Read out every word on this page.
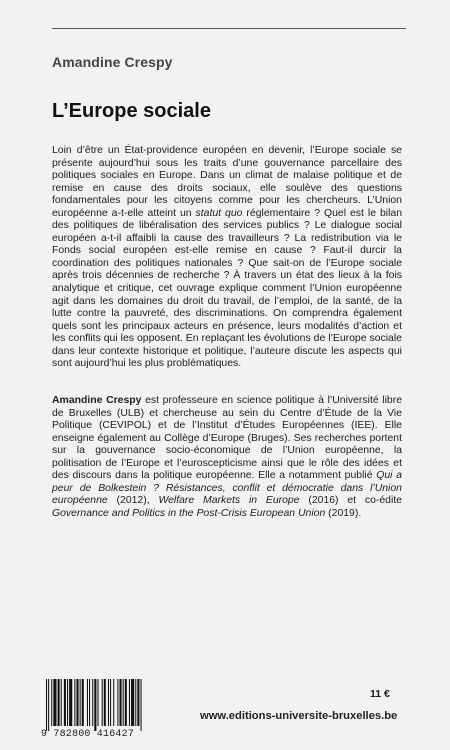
Amandine Crespy
L’Europe sociale
Loin d’être un État-providence européen en devenir, l’Europe sociale se présente aujourd’hui sous les traits d’une gouvernance parcellaire des politiques sociales en Europe. Dans un climat de malaise politique et de remise en cause des droits sociaux, elle soulève des questions fondamentales pour les citoyens comme pour les chercheurs. L’Union européenne a-t-elle atteint un statut quo réglementaire ? Quel est le bilan des politiques de libéralisation des services publics ? Le dialogue social européen a-t-il affaibli la cause des travailleurs ? La redistribution via le Fonds social européen est-elle remise en cause ? Faut-il durcir la coordination des politiques nationales ? Que sait-on de l’Europe sociale après trois décennies de recherche ? À travers un état des lieux à la fois analytique et critique, cet ouvrage explique comment l’Union européenne agit dans les domaines du droit du travail, de l’emploi, de la santé, de la lutte contre la pauvreté, des discriminations. On comprendra également quels sont les principaux acteurs en présence, leurs modalités d’action et les conflits qui les opposent. En replaçant les évolutions de l’Europe sociale dans leur contexte historique et politique, l’auteure discute les aspects qui sont aujourd’hui les plus problématiques.
Amandine Crespy est professeure en science politique à l’Université libre de Bruxelles (ULB) et chercheuse au sein du Centre d’Étude de la Vie Politique (CEVIPOL) et de l’Institut d’Études Européennes (IEE). Elle enseigne également au Collège d’Europe (Bruges). Ses recherches portent sur la gouvernance socio-économique de l’Union européenne, la politisation de l’Europe et l’euroscepticisme ainsi que le rôle des idées et des discours dans la politique européenne. Elle a notamment publié Qui a peur de Bolkestein ? Résistances, conflit et démocratie dans l’Union européenne (2012), Welfare Markets in Europe (2016) et co-édite Governance and Politics in the Post-Crisis European Union (2019).
11 €
9 782800 416427
www.editions-universite-bruxelles.be
